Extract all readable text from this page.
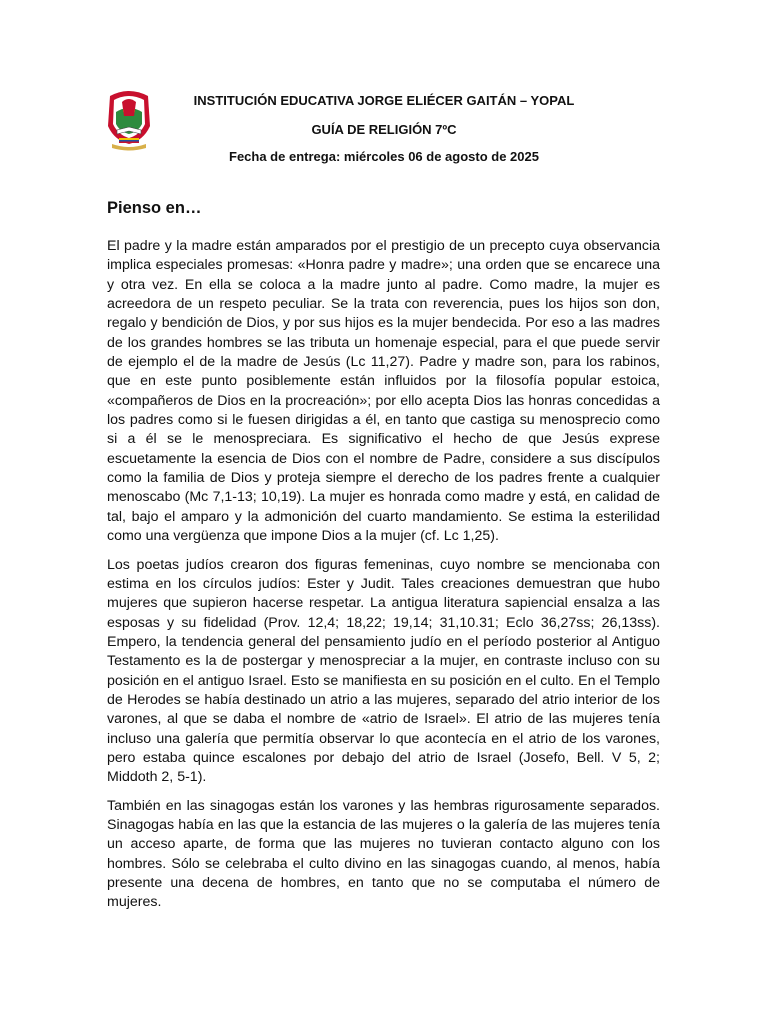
INSTITUCIÓN EDUCATIVA JORGE ELIÉCER GAITÁN – YOPAL
GUÍA DE RELIGIÓN 7ºC
Fecha de entrega: miércoles 06 de agosto de 2025
Pienso en…

El padre y la madre están amparados por el prestigio de un precepto cuya observancia implica especiales promesas: «Honra padre y madre»; una orden que se encarece una y otra vez. En ella se coloca a la madre junto al padre. Como madre, la mujer es acreedora de un respeto peculiar. Se la trata con reverencia, pues los hijos son don, regalo y bendición de Dios, y por sus hijos es la mujer bendecida. Por eso a las madres de los grandes hombres se las tributa un homenaje especial, para el que puede servir de ejemplo el de la madre de Jesús (Lc 11,27). Padre y madre son, para los rabinos, que en este punto posiblemente están influidos por la filosofía popular estoica, «compañeros de Dios en la procreación»; por ello acepta Dios las honras concedidas a los padres como si le fuesen dirigidas a él, en tanto que castiga su menosprecio como si a él se le menospreciara. Es significativo el hecho de que Jesús exprese escuetamente la esencia de Dios con el nombre de Padre, considere a sus discípulos como la familia de Dios y proteja siempre el derecho de los padres frente a cualquier menoscabo (Mc 7,1-13; 10,19). La mujer es honrada como madre y está, en calidad de tal, bajo el amparo y la admonición del cuarto mandamiento. Se estima la esterilidad como una vergüenza que impone Dios a la mujer (cf. Lc 1,25).

Los poetas judíos crearon dos figuras femeninas, cuyo nombre se mencionaba con estima en los círculos judíos: Ester y Judit. Tales creaciones demuestran que hubo mujeres que supieron hacerse respetar. La antigua literatura sapiencial ensalza a las esposas y su fidelidad (Prov. 12,4; 18,22; 19,14; 31,10.31; Eclo 36,27ss; 26,13ss). Empero, la tendencia general del pensamiento judío en el período posterior al Antiguo Testamento es la de postergar y menospreciar a la mujer, en contraste incluso con su posición en el antiguo Israel. Esto se manifiesta en su posición en el culto. En el Templo de Herodes se había destinado un atrio a las mujeres, separado del atrio interior de los varones, al que se daba el nombre de «atrio de Israel». El atrio de las mujeres tenía incluso una galería que permitía observar lo que acontecía en el atrio de los varones, pero estaba quince escalones por debajo del atrio de Israel (Josefo, Bell. V 5, 2; Middoth 2, 5-1).

También en las sinagogas están los varones y las hembras rigurosamente separados. Sinagogas había en las que la estancia de las mujeres o la galería de las mujeres tenía un acceso aparte, de forma que las mujeres no tuvieran contacto alguno con los hombres. Sólo se celebraba el culto divino en las sinagogas cuando, al menos, había presente una decena de hombres, en tanto que no se computaba el número de mujeres.
